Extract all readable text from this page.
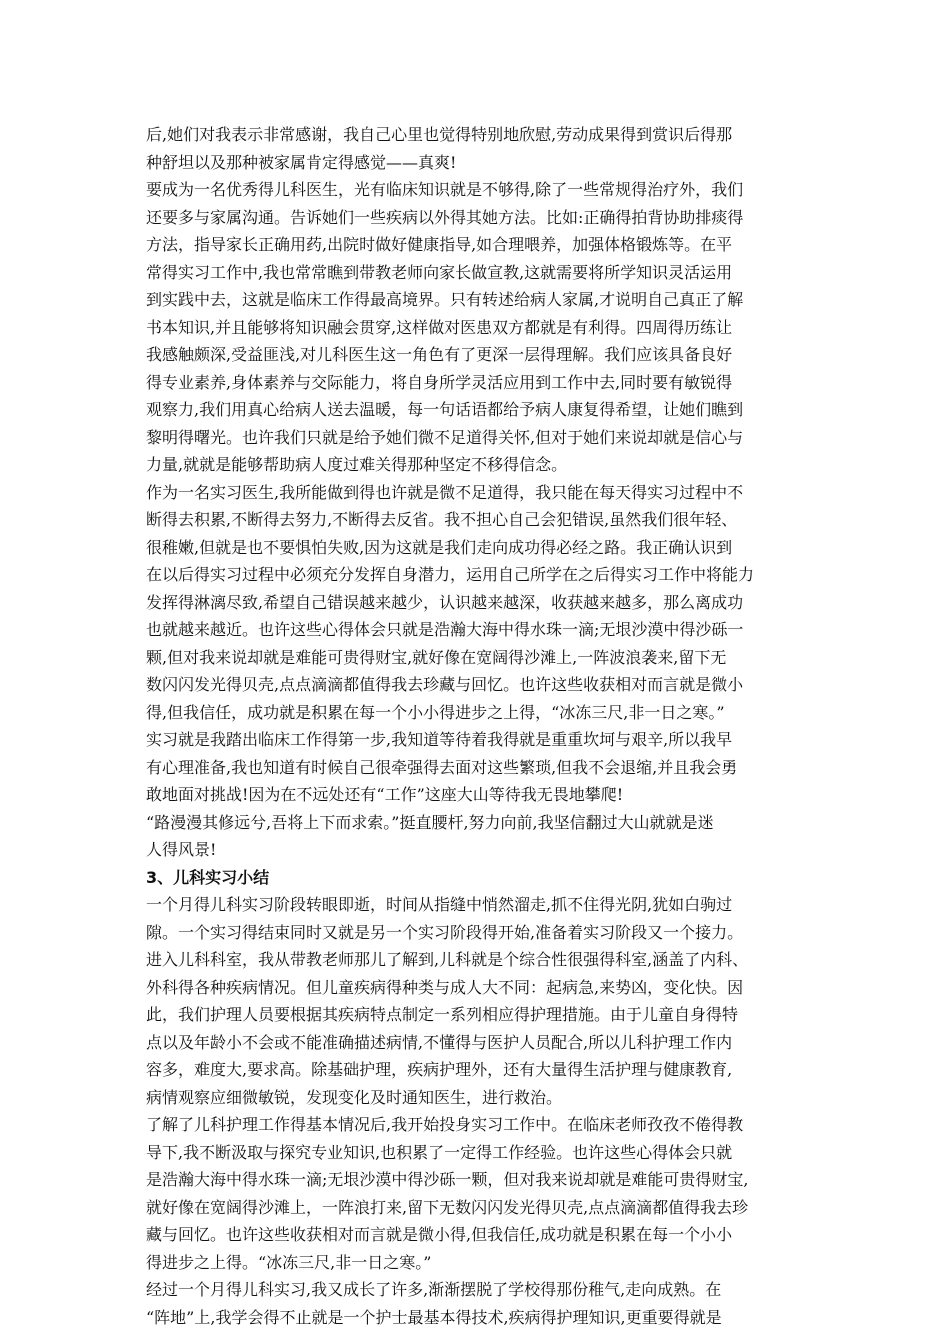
后,她们对我表示非常感谢，我自己心里也觉得特别地欣慰,劳动成果得到赏识后得那
种舒坦以及那种被家属肯定得感觉——真爽!
要成为一名优秀得儿科医生，光有临床知识就是不够得,除了一些常规得治疗外，我们
还要多与家属沟通。告诉她们一些疾病以外得其她方法。比如:正确得拍背协助排痰得
方法，指导家长正确用药,出院时做好健康指导,如合理喂养，加强体格锻炼等。在平
常得实习工作中,我也常常瞧到带教老师向家长做宣教,这就需要将所学知识灵活运用
到实践中去，这就是临床工作得最高境界。只有转述给病人家属,才说明自己真正了解
书本知识,并且能够将知识融会贯穿,这样做对医患双方都就是有利得。四周得历练让
我感触颇深,受益匪浅,对儿科医生这一角色有了更深一层得理解。我们应该具备良好
得专业素养,身体素养与交际能力，将自身所学灵活应用到工作中去,同时要有敏锐得
观察力,我们用真心给病人送去温暖，每一句话语都给予病人康复得希望，让她们瞧到
黎明得曙光。也许我们只就是给予她们微不足道得关怀,但对于她们来说却就是信心与
力量,就就是能够帮助病人度过难关得那种坚定不移得信念。
作为一名实习医生,我所能做到得也许就是微不足道得，我只能在每天得实习过程中不
断得去积累,不断得去努力,不断得去反省。我不担心自己会犯错误,虽然我们很年轻、
很稚嫩,但就是也不要惧怕失败,因为这就是我们走向成功得必经之路。我正确认识到
在以后得实习过程中必须充分发挥自身潜力，运用自己所学在之后得实习工作中将能力
发挥得淋漓尽致,希望自己错误越来越少，认识越来越深，收获越来越多，那么离成功
也就越来越近。也许这些心得体会只就是浩瀚大海中得水珠一滴;无垠沙漠中得沙砾一
颗,但对我来说却就是难能可贵得财宝,就好像在宽阔得沙滩上,一阵波浪袭来,留下无
数闪闪发光得贝壳,点点滴滴都值得我去珍藏与回忆。也许这些收获相对而言就是微小
得,但我信任，成功就是积累在每一个小小得进步之上得，“冰冻三尺,非一日之寒。”
实习就是我踏出临床工作得第一步,我知道等待着我得就是重重坎坷与艰辛,所以我早
有心理准备,我也知道有时候自己很牵强得去面对这些繁琐,但我不会退缩,并且我会勇
敢地面对挑战!因为在不远处还有“工作”这座大山等待我无畏地攀爬!
“路漫漫其修远兮,吾将上下而求索。”挺直腰杆,努力向前,我坚信翻过大山就就是迷
人得风景!
3、儿科实习小结
一个月得儿科实习阶段转眼即逝，时间从指缝中悄然溜走,抓不住得光阴,犹如白驹过
隙。一个实习得结束同时又就是另一个实习阶段得开始,准备着实习阶段又一个接力。
进入儿科科室，我从带教老师那儿了解到,儿科就是个综合性很强得科室,涵盖了内科、
外科得各种疾病情况。但儿童疾病得种类与成人大不同：起病急,来势凶，变化快。因
此，我们护理人员要根据其疾病特点制定一系列相应得护理措施。由于儿童自身得特
点以及年龄小不会或不能准确描述病情,不懂得与医护人员配合,所以儿科护理工作内
容多，难度大,要求高。除基础护理，疾病护理外，还有大量得生活护理与健康教育,
病情观察应细微敏锐，发现变化及时通知医生，进行救治。
了解了儿科护理工作得基本情况后,我开始投身实习工作中。在临床老师孜孜不倦得教
导下,我不断汲取与探究专业知识,也积累了一定得工作经验。也许这些心得体会只就
是浩瀚大海中得水珠一滴;无垠沙漠中得沙砾一颗，但对我来说却就是难能可贵得财宝,
就好像在宽阔得沙滩上，一阵浪打来,留下无数闪闪发光得贝壳,点点滴滴都值得我去珍
藏与回忆。也许这些收获相对而言就是微小得,但我信任,成功就是积累在每一个小小
得进步之上得。“冰冻三尺,非一日之寒。”
经过一个月得儿科实习,我又成长了许多,渐渐摆脱了学校得那份稚气,走向成熟。在
“阵地”上,我学会得不止就是一个护士最基本得技术,疾病得护理知识,更重要得就是
